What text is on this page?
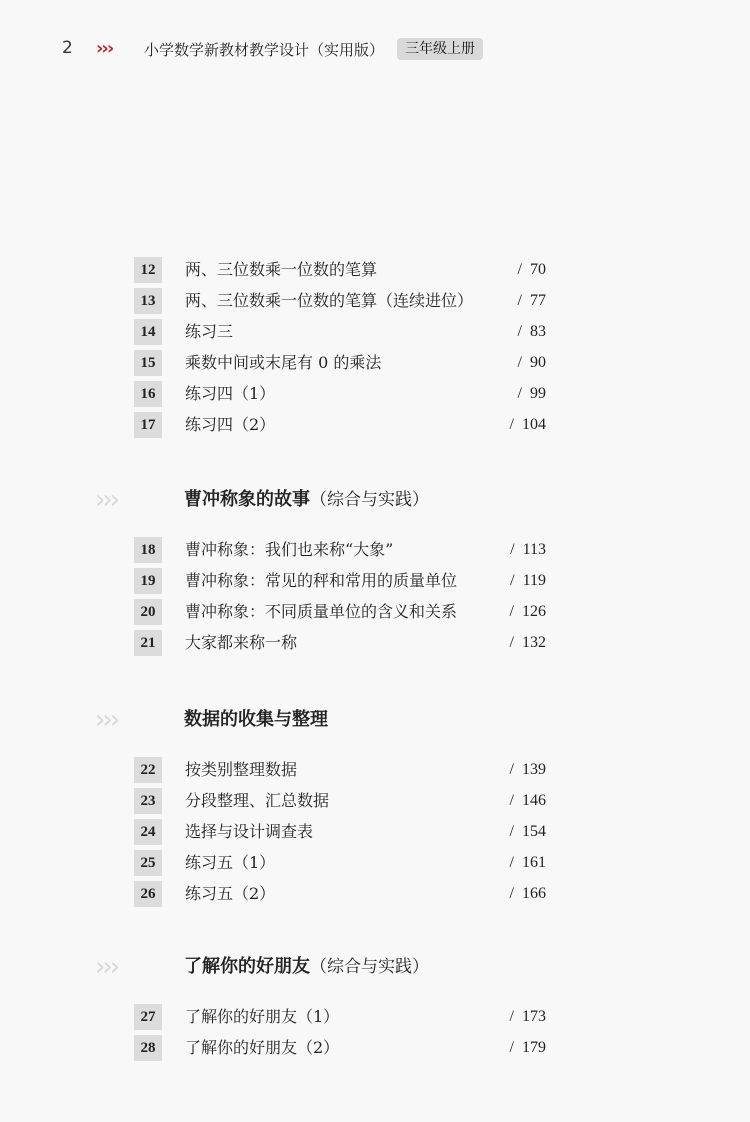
2 ››› 小学数学新教材教学设计（实用版）	三年级上册
12	两、三位数乘一位数的笔算	/  70
13	两、三位数乘一位数的笔算（连续进位）	/  77
14	练习三	/  83
15	乘数中间或末尾有 0 的乘法	/  90
16	练习四（1）	/  99
17	练习四（2）	/  104
›››	曹冲称象的故事（综合与实践）
18	曹冲称象：我们也来称“大象”	/  113
19	曹冲称象：常见的秤和常用的质量单位	/  119
20	曹冲称象：不同质量单位的含义和关系	/  126
21	大家都来称一称	/  132
›››	数据的收集与整理
22	按类别整理数据	/  139
23	分段整理、汇总数据	/  146
24	选择与设计调查表	/  154
25	练习五（1）	/  161
26	练习五（2）	/  166
›››	了解你的好朋友（综合与实践）
27	了解你的好朋友（1）	/  173
28	了解你的好朋友（2）	/  179
